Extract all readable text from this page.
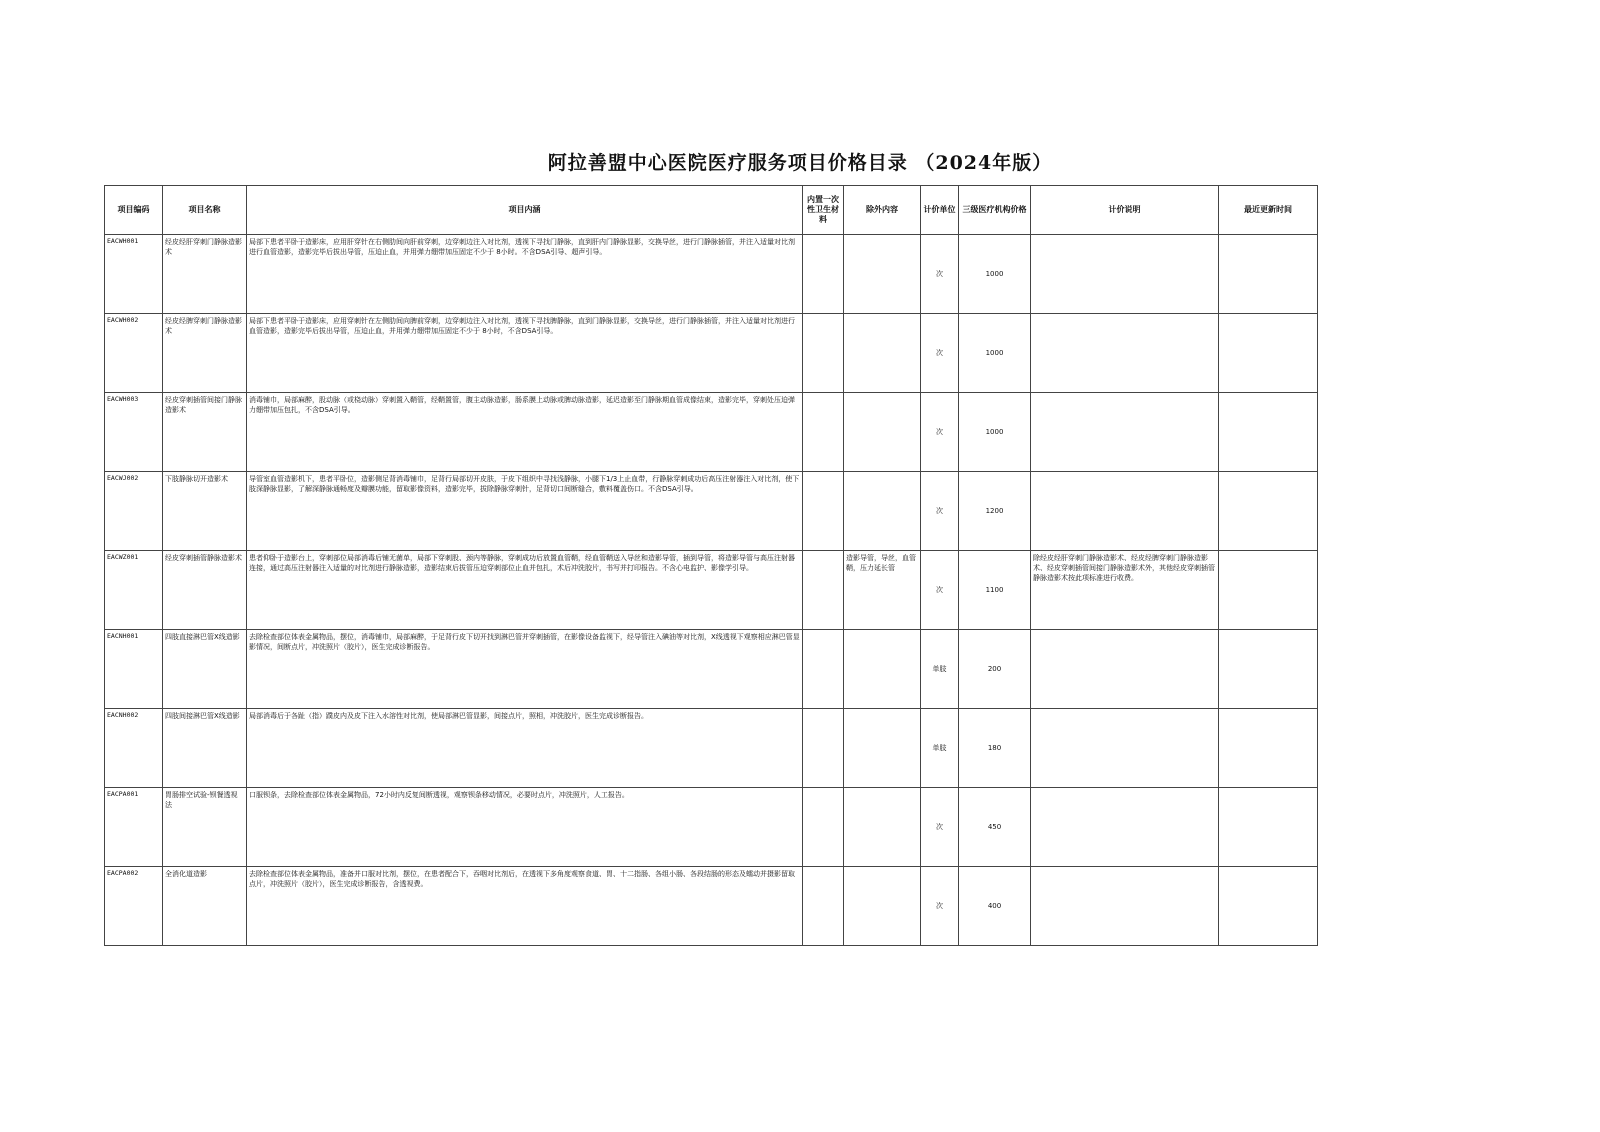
阿拉善盟中心医院医疗服务项目价格目录 （2024年版）
项目编码	项目名称	项目内涵	内置一次性卫生材料	除外内容	计价单位	三级医疗机构价格	计价说明	最近更新时间
EACWH001	经皮经肝穿刺门静脉造影术	局部下患者平卧于造影床，应用肝穿针在右侧肋间向肝前穿刺，边穿刺边注入对比剂，透视下寻找门静脉，直到肝内门静脉显影，交换导丝，进行门静脉插管，并注入适量对比剂进行血管造影，造影完毕后拔出导管，压迫止血，并用弹力绷带加压固定不少于 8小时。不含DSA引导、超声引导。			次	1000		
EACWH002	经皮经脾穿刺门静脉造影术	局部下患者平卧于造影床，应用穿刺针在左侧肋间向脾前穿刺，边穿刺边注入对比剂，透视下寻找脾静脉，直到门静脉显影，交换导丝，进行门静脉插管，并注入适量对比剂进行血管造影，造影完毕后拔出导管，压迫止血，并用弹力绷带加压固定不少于 8小时，不含DSA引导。			次	1000		
EACWH003	经皮穿刺插管间接门静脉造影术	消毒铺巾，局部麻醉，股动脉（或桡动脉）穿刺置入鞘管，经鞘置管，腹主动脉造影，肠系膜上动脉或脾动脉造影，延迟造影至门静脉期血管成像结束，造影完毕，穿刺处压迫弹力绷带加压包扎，不含DSA引导。			次	1000		
EACWJ002	下肢静脉切开造影术	导管室血管造影机下，患者平卧位，造影侧足背消毒铺巾，足背行局部切开皮肤，于皮下组织中寻找浅静脉，小腿下1/3上止血带，行静脉穿刺成功后高压注射器注入对比剂，使下肢深静脉显影，了解深静脉通畅度及瓣膜功能，留取影像资料，造影完毕，拔除静脉穿刺针，足背切口间断缝合，敷料覆盖伤口。不含DSA引导。			次	1200		
EACWZ001	经皮穿刺插管静脉造影术	患者仰卧于造影台上，穿刺部位局部消毒后铺无菌单，局部下穿刺股、颈内等静脉，穿刺成功后放置血管鞘，经血管鞘送入导丝和造影导管，插到导管，将造影导管与高压注射器连接，通过高压注射器注入适量的对比剂进行静脉造影，造影结束后拔管压迫穿刺部位止血并包扎，术后冲洗胶片，书写并打印报告。不含心电监护、影像学引导。		造影导管，导丝，血管鞘，压力延长管	次	1100	除经皮经肝穿刺门静脉造影术、经皮经脾穿刺门静脉造影术、经皮穿刺插管间接门静脉造影术外，其他经皮穿刺插管静脉造影术按此项标准进行收费。	
EACNH001	四肢直接淋巴管X线造影	去除检查部位体表金属物品，摆位，消毒铺巾，局部麻醉，于足背行皮下切开找到淋巴管并穿刺插管，在影像设备监视下，经导管注入碘油等对比剂，X线透视下观察相应淋巴管显影情况，间断点片，冲洗照片（胶片），医生完成诊断报告。			单肢	200		
EACNH002	四肢间接淋巴管X线造影	局部消毒后于各趾（指）蹼皮内及皮下注入水溶性对比剂，使局部淋巴管显影，间接点片，照相，冲洗胶片，医生完成诊断报告。			单肢	180		
EACPA001	胃肠排空试验-钡餐透视法	口服钡条，去除检查部位体表金属物品，72小时内反复间断透视，观察钡条移动情况，必要时点片，冲洗照片，人工报告。			次	450		
EACPA002	全消化道造影	去除检查部位体表金属物品，准备并口服对比剂，摆位，在患者配合下，吞咽对比剂后，在透视下多角度观察食道、胃、十二指肠、各组小肠、各段结肠的形态及蠕动并摄影留取点片，冲洗照片（胶片），医生完成诊断报告，含透视费。			次	400		
